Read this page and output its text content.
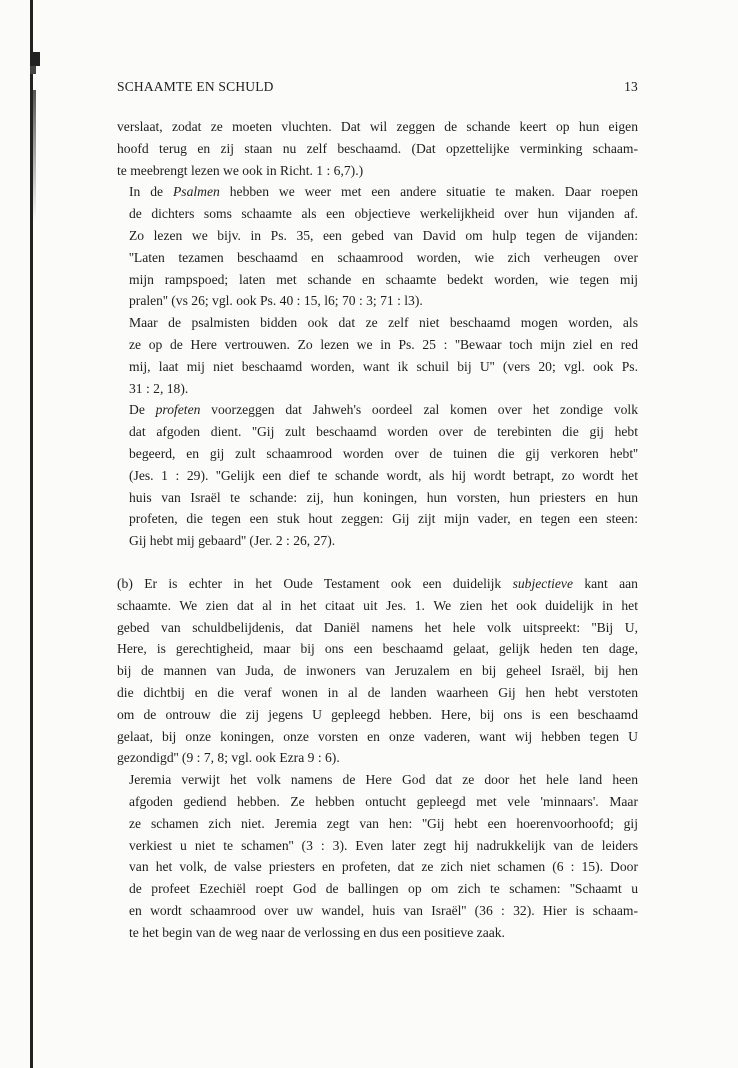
SCHAAMTE EN SCHULD	13

verslaat, zodat ze moeten vluchten. Dat wil zeggen de schande keert op hun eigen
hoofd terug en zij staan nu zelf beschaamd. (Dat opzettelijke verminking schaam-
te meebrengt lezen we ook in Richt. 1 : 6,7).)

In de Psalmen hebben we weer met een andere situatie te maken. Daar roepen
de dichters soms schaamte als een objectieve werkelijkheid over hun vijanden af.
Zo lezen we bijv. in Ps. 35, een gebed van David om hulp tegen de vijanden:
''Laten tezamen beschaamd en schaamrood worden, wie zich verheugen over
mijn rampspoed; laten met schande en schaamte bedekt worden, wie tegen mij
pralen'' (vs 26; vgl. ook Ps. 40 : 15, l6; 70 : 3; 71 : l3).

Maar de psalmisten bidden ook dat ze zelf niet beschaamd mogen worden, als
ze op de Here vertrouwen. Zo lezen we in Ps. 25 : ''Bewaar toch mijn ziel en red
mij, laat mij niet beschaamd worden, want ik schuil bij U'' (vers 20; vgl. ook Ps.
31 : 2, 18).

De profeten voorzeggen dat Jahweh's oordeel zal komen over het zondige volk
dat afgoden dient. ''Gij zult beschaamd worden over de terebinten die gij hebt
begeerd, en gij zult schaamrood worden over de tuinen die gij verkoren hebt''
(Jes. 1 : 29). ''Gelijk een dief te schande wordt, als hij wordt betrapt, zo wordt het
huis van Israël te schande: zij, hun koningen, hun vorsten, hun priesters en hun
profeten, die tegen een stuk hout zeggen: Gij zijt mijn vader, en tegen een steen:
Gij hebt mij gebaard'' (Jer. 2 : 26, 27).

(b) Er is echter in het Oude Testament ook een duidelijk subjectieve kant aan
schaamte. We zien dat al in het citaat uit Jes. 1. We zien het ook duidelijk in het
gebed van schuldbelijdenis, dat Daniël namens het hele volk uitspreekt: ''Bij U,
Here, is gerechtigheid, maar bij ons een beschaamd gelaat, gelijk heden ten dage,
bij de mannen van Juda, de inwoners van Jeruzalem en bij geheel Israël, bij hen
die dichtbij en die veraf wonen in al de landen waarheen Gij hen hebt verstoten
om de ontrouw die zij jegens U gepleegd hebben. Here, bij ons is een beschaamd
gelaat, bij onze koningen, onze vorsten en onze vaderen, want wij hebben tegen U
gezondigd'' (9 : 7, 8; vgl. ook Ezra 9 : 6).

Jeremia verwijt het volk namens de Here God dat ze door het hele land heen
afgoden gediend hebben. Ze hebben ontucht gepleegd met vele 'minnaars'. Maar
ze schamen zich niet. Jeremia zegt van hen: ''Gij hebt een hoerenvoorhoofd; gij
verkiest u niet te schamen'' (3 : 3). Even later zegt hij nadrukkelijk van de leiders
van het volk, de valse priesters en profeten, dat ze zich niet schamen (6 : 15). Door
de profeet Ezechiël roept God de ballingen op om zich te schamen: ''Schaamt u
en wordt schaamrood over uw wandel, huis van Israël'' (36 : 32). Hier is schaam-
te het begin van de weg naar de verlossing en dus een positieve zaak.
